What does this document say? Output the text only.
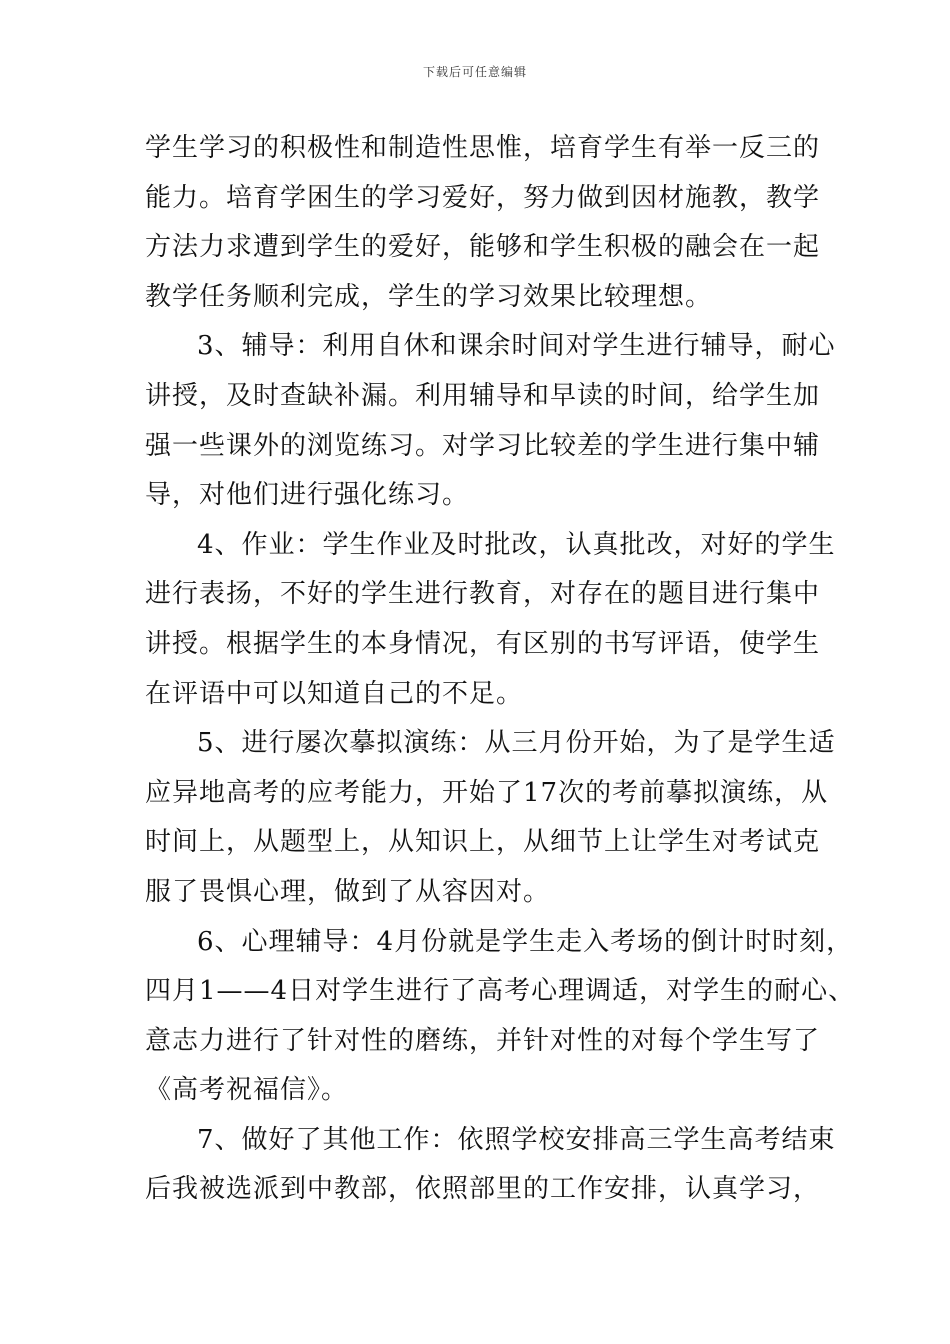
下载后可任意编辑
学生学习的积极性和制造性思惟，培育学生有举一反三的
能力。培育学困生的学习爱好，努力做到因材施教，教学
方法力求遭到学生的爱好，能够和学生积极的融会在一起
教学任务顺利完成，学生的学习效果比较理想。
3、辅导：利用自休和课余时间对学生进行辅导，耐心
讲授，及时查缺补漏。利用辅导和早读的时间，给学生加
强一些课外的浏览练习。对学习比较差的学生进行集中辅
导，对他们进行强化练习。
4、作业：学生作业及时批改，认真批改，对好的学生
进行表扬，不好的学生进行教育，对存在的题目进行集中
讲授。根据学生的本身情况，有区别的书写评语，使学生
在评语中可以知道自己的不足。
5、进行屡次摹拟演练：从三月份开始，为了是学生适
应异地高考的应考能力，开始了17次的考前摹拟演练，从
时间上，从题型上，从知识上，从细节上让学生对考试克
服了畏惧心理，做到了从容因对。
6、心理辅导：4月份就是学生走入考场的倒计时时刻，
四月1——4日对学生进行了高考心理调适，对学生的耐心、
意志力进行了针对性的磨练，并针对性的对每个学生写了
《高考祝福信》。
7、做好了其他工作：依照学校安排高三学生高考结束
后我被选派到中教部，依照部里的工作安排，认真学习，
